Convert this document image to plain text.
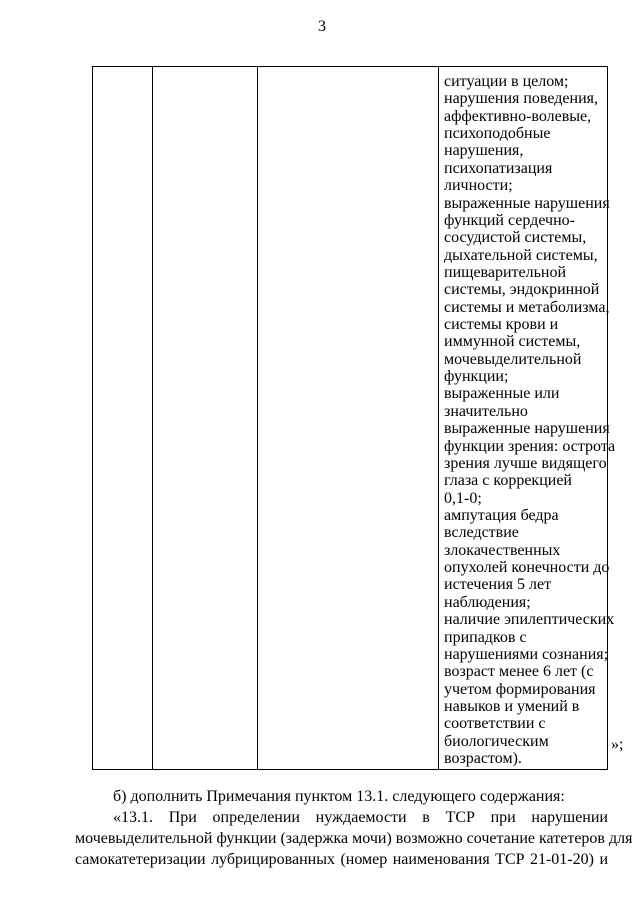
3
ситуации в целом;
нарушения поведения,
аффективно-волевые,
психоподобные
нарушения,
психопатизация
личности;
выраженные нарушения
функций сердечно-
сосудистой системы,
дыхательной системы,
пищеварительной
системы, эндокринной
системы и метаболизма,
системы крови и
иммунной системы,
мочевыделительной
функции;
выраженные или
значительно
выраженные нарушения
функции зрения: острота
зрения лучше видящего
глаза с коррекцией
0,1-0;
ампутация бедра
вследствие
злокачественных
опухолей конечности до
истечения 5 лет
наблюдения;
наличие эпилептических
припадков с
нарушениями сознания;
возраст менее 6 лет (с
учетом формирования
навыков и умений в
соответствии с
биологическим
возрастом).
»;
б) дополнить Примечания пунктом 13.1. следующего содержания:
«13.1. При определении нуждаемости в ТСР при нарушении
мочевыделительной функции (задержка мочи) возможно сочетание катетеров для
самокатетеризации лубрицированных (номер наименования ТСР 21-01-20) и
